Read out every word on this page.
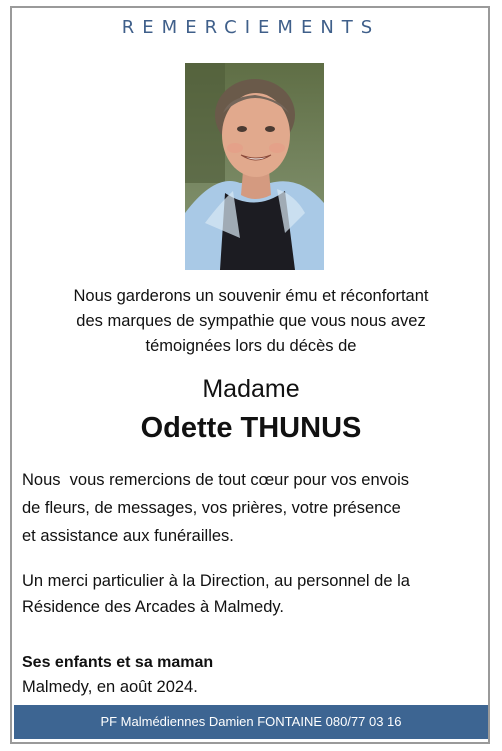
REMERCIEMENTS
Nous garderons un souvenir ému et réconfortant
des marques de sympathie que vous nous avez
témoignées lors du décès de
Madame
Odette THUNUS
Nous  vous remercions de tout cœur pour vos envois
de fleurs, de messages, vos prières, votre présence
et assistance aux funérailles.
Un merci particulier à la Direction, au personnel de la
Résidence des Arcades à Malmedy.
Ses enfants et sa maman
Malmedy, en août 2024.
PF Malmédiennes Damien FONTAINE 080/77 03 16
